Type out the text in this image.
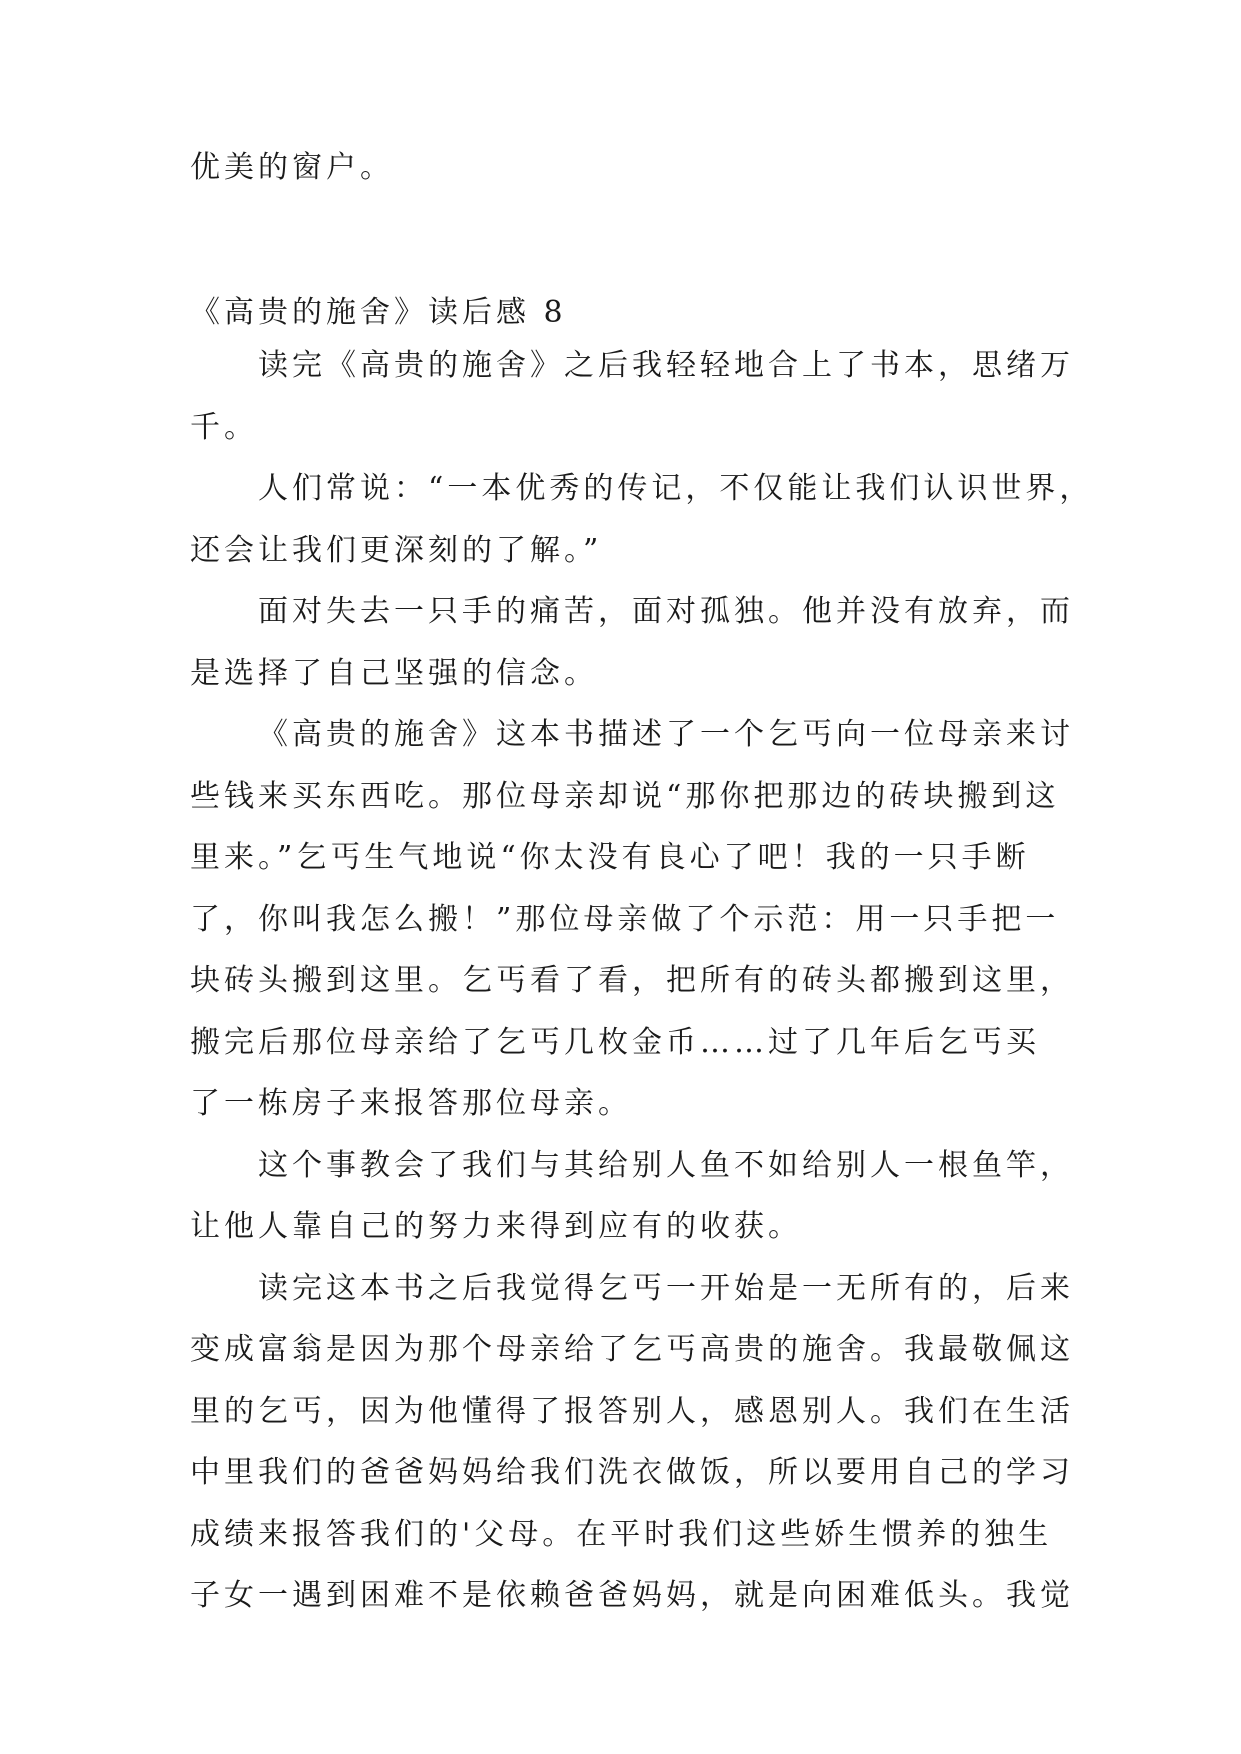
优美的窗户。
《高贵的施舍》读后感 8
读完《高贵的施舍》之后我轻轻地合上了书本，思绪万
千。
人们常说：“一本优秀的传记，不仅能让我们认识世界，
还会让我们更深刻的了解。”
面对失去一只手的痛苦，面对孤独。他并没有放弃，而
是选择了自己坚强的信念。
《高贵的施舍》这本书描述了一个乞丐向一位母亲来讨
些钱来买东西吃。那位母亲却说“那你把那边的砖块搬到这
里来。”乞丐生气地说“你太没有良心了吧！我的一只手断
了，你叫我怎么搬！”那位母亲做了个示范：用一只手把一
块砖头搬到这里。乞丐看了看，把所有的砖头都搬到这里，
搬完后那位母亲给了乞丐几枚金币……过了几年后乞丐买
了一栋房子来报答那位母亲。
这个事教会了我们与其给别人鱼不如给别人一根鱼竿，
让他人靠自己的努力来得到应有的收获。
读完这本书之后我觉得乞丐一开始是一无所有的，后来
变成富翁是因为那个母亲给了乞丐高贵的施舍。我最敬佩这
里的乞丐，因为他懂得了报答别人，感恩别人。我们在生活
中里我们的爸爸妈妈给我们洗衣做饭，所以要用自己的学习
成绩来报答我们的'父母。在平时我们这些娇生惯养的独生
子女一遇到困难不是依赖爸爸妈妈，就是向困难低头。我觉
